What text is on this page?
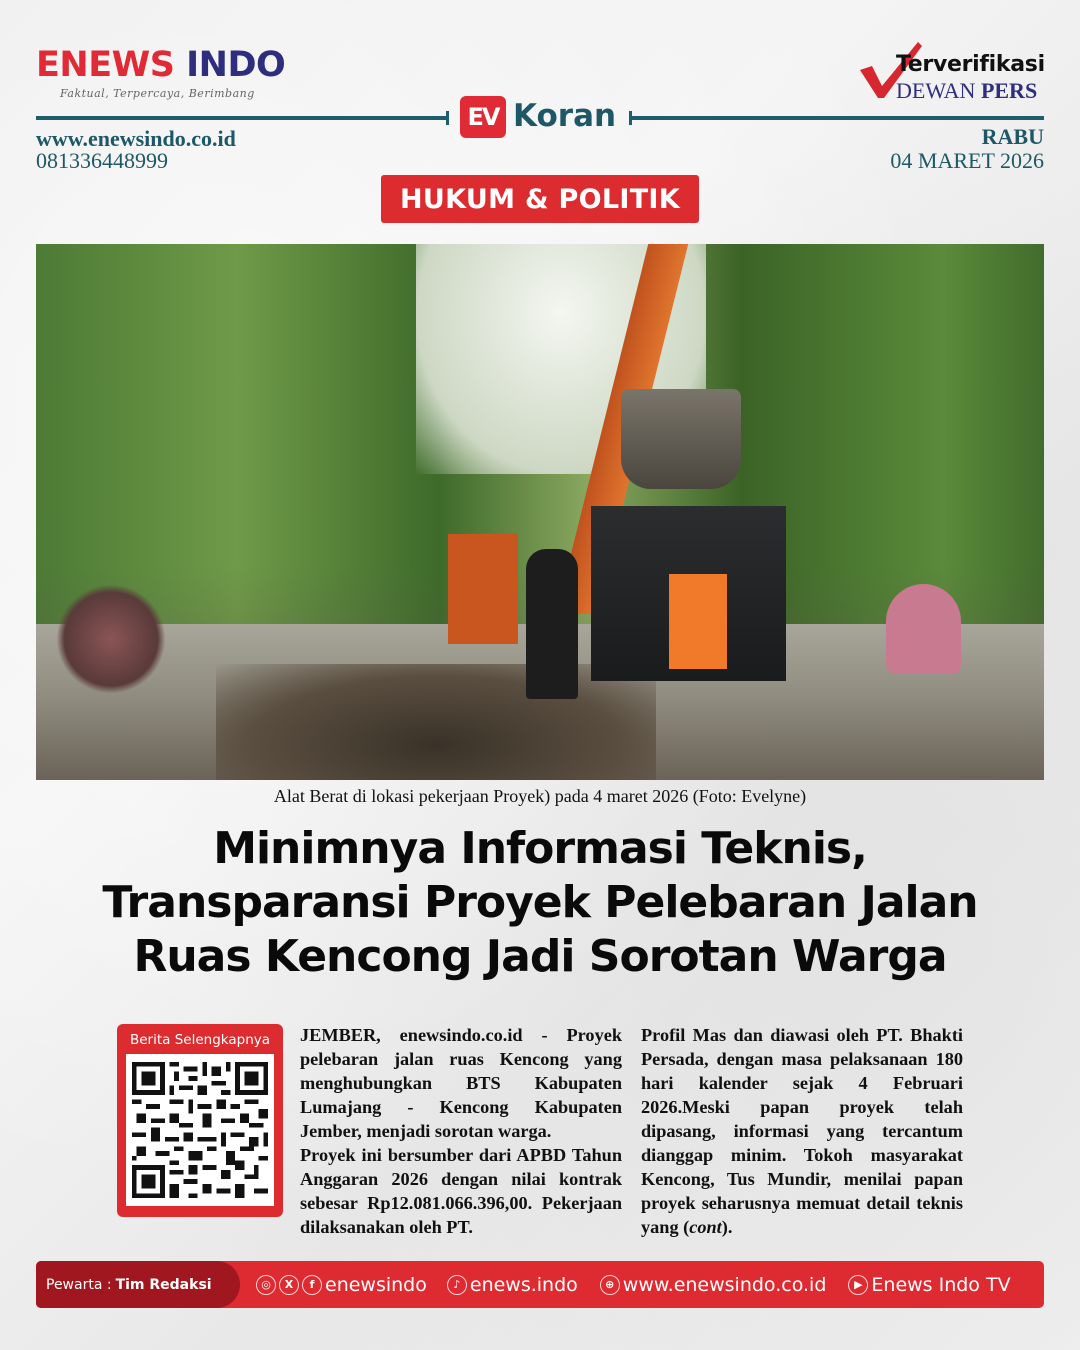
ENEWS INDO
Faktual, Terpercaya, Berimbang
www.enewsindo.co.id
081336448999
EV Koran
Terverifikasi
DEWAN PERS
RABU
04 MARET 2026
HUKUM & POLITIK
Alat Berat di lokasi pekerjaan Proyek) pada 4 maret 2026 (Foto: Evelyne)
Minimnya Informasi Teknis,
Transparansi Proyek Pelebaran Jalan
Ruas Kencong Jadi Sorotan Warga
Berita Selengkapnya JEMBER, enewsindo.co.id - Proyek pelebaran jalan ruas Kencong yang menghubungkan BTS Kabupaten Lumajang - Kencong Kabupaten Jember, menjadi sorotan warga.
Proyek ini bersumber dari APBD Tahun Anggaran 2026 dengan nilai kontrak sebesar Rp12.081.066.396,00. Pekerjaan dilaksanakan oleh PT.
Profil Mas dan diawasi oleh PT. Bhakti Persada, dengan masa pelaksanaan 180 hari kalender sejak 4 Februari 2026.Meski papan proyek telah dipasang, informasi yang tercantum dianggap minim. Tokoh masyarakat Kencong, Tus Mundir, menilai papan proyek seharusnya memuat detail teknis yang (cont).
Pewarta : Tim Redaksi	◎	X	f enewsindo	♪ enews.indo	⊕ www.enewsindo.co.id	▶ Enews Indo TV
